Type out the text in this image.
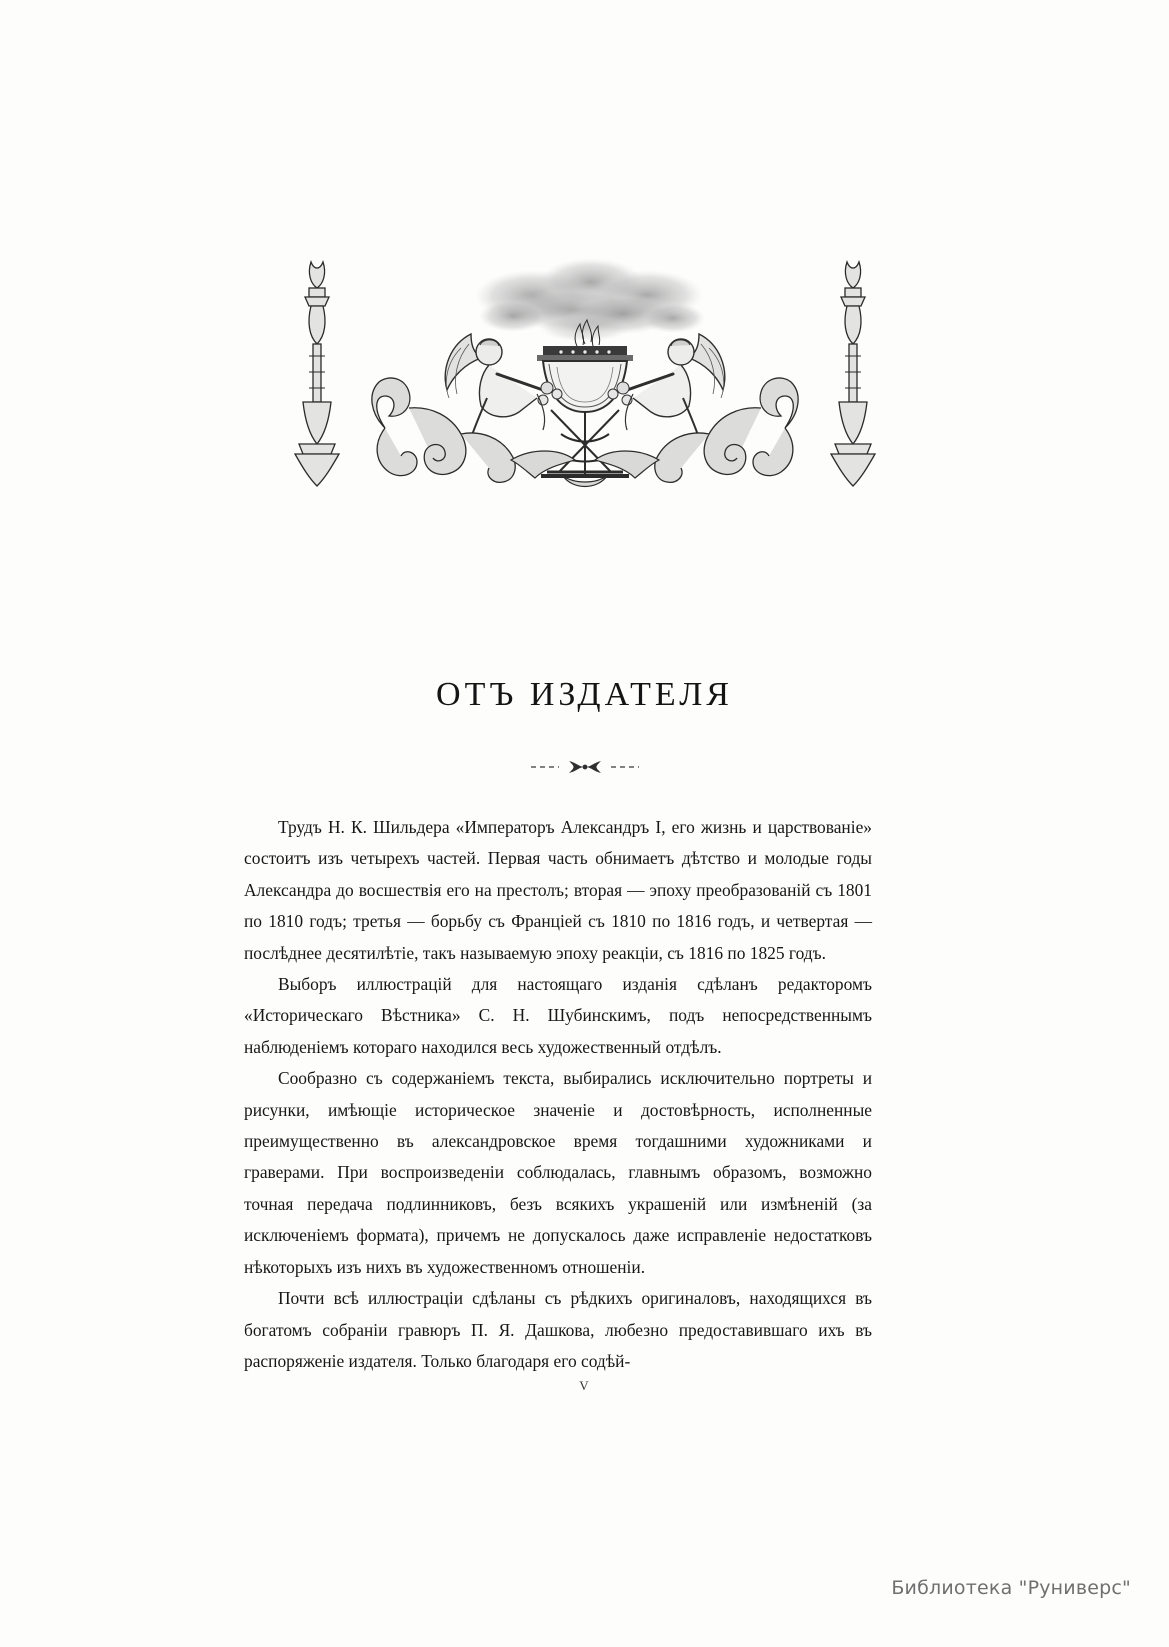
ОТЪ ИЗДАТЕЛЯ

Трудъ Н. К. Шильдера «Императоръ Александръ I, его жизнь и царствованіе» состоитъ изъ четырехъ частей. Первая часть обнимаетъ дѣтство и молодые годы Александра до восшествія его на престолъ; вторая — эпоху преобразованій съ 1801 по 1810 годъ; третья — борьбу съ Франціей съ 1810 по 1816 годъ, и четвертая — послѣднее десятилѣтіе, такъ называемую эпоху реакціи, съ 1816 по 1825 годъ.

Выборъ иллюстрацій для настоящаго изданія сдѣланъ редакторомъ «Историческаго Вѣстника» С. Н. Шубинскимъ, подъ непосредственнымъ наблюденіемъ котораго находился весь художественный отдѣлъ.

Сообразно съ содержаніемъ текста, выбирались исключительно портреты и рисунки, имѣющіе историческое значеніе и достовѣрность, исполненные преимущественно въ александровское время тогдашними художниками и граверами. При воспроизведеніи соблюдалась, главнымъ образомъ, возможно точная передача подлинниковъ, безъ всякихъ украшеній или измѣненій (за исключеніемъ формата), причемъ не допускалось даже исправленіе недостатковъ нѣкоторыхъ изъ нихъ въ художественномъ отношеніи.

Почти всѣ иллюстраціи сдѣланы съ рѣдкихъ оригиналовъ, находящихся въ богатомъ собраніи гравюръ П. Я. Дашкова, любезно предоставившаго ихъ въ распоряженіе издателя. Только благодаря его содѣй-

V
Библиотека "Руниверс"
